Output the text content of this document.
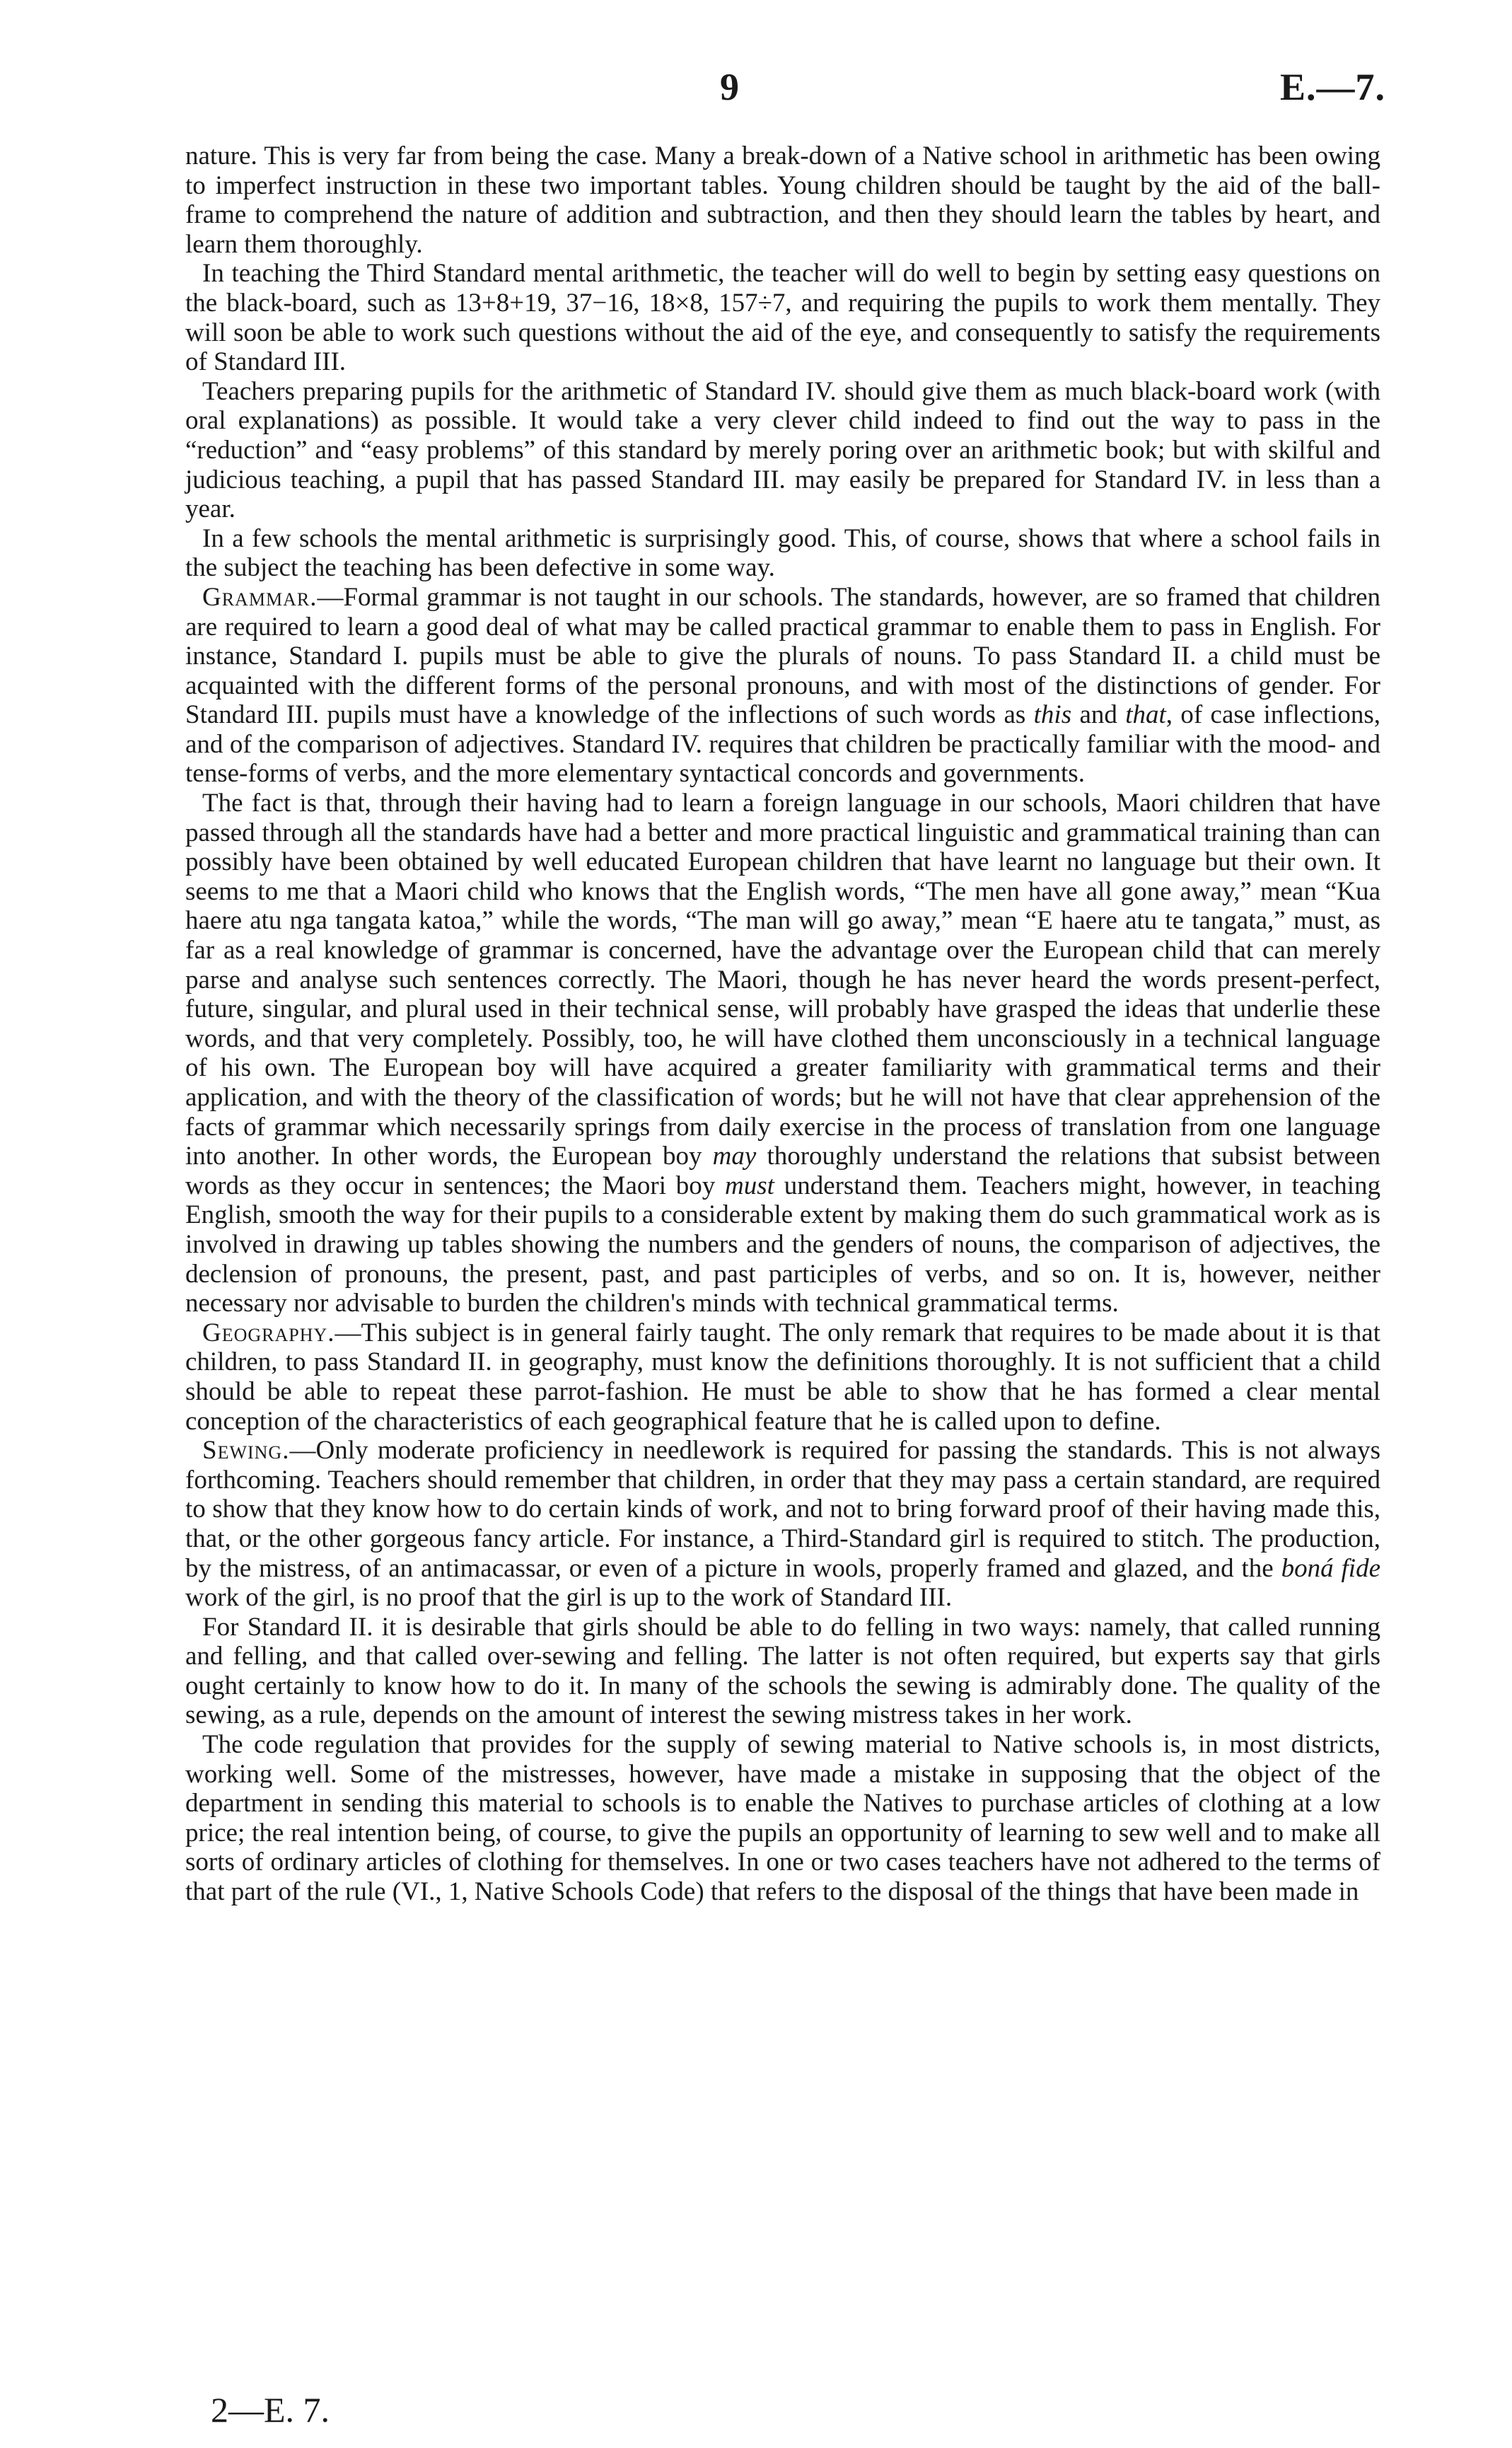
9	E.—7.

nature. This is very far from being the case. Many a break-down of a Native school in arithmetic has been owing to imperfect instruction in these two important tables. Young children should be taught by the aid of the ball-frame to comprehend the nature of addition and subtraction, and then they should learn the tables by heart, and learn them thoroughly.

In teaching the Third Standard mental arithmetic, the teacher will do well to begin by setting easy questions on the black-board, such as 13+8+19, 37−16, 18×8, 157÷7, and requiring the pupils to work them mentally. They will soon be able to work such questions without the aid of the eye, and consequently to satisfy the requirements of Standard III.

Teachers preparing pupils for the arithmetic of Standard IV. should give them as much black-board work (with oral explanations) as possible. It would take a very clever child indeed to find out the way to pass in the “reduction” and “easy problems” of this standard by merely poring over an arithmetic book; but with skilful and judicious teaching, a pupil that has passed Standard III. may easily be prepared for Standard IV. in less than a year.

In a few schools the mental arithmetic is surprisingly good. This, of course, shows that where a school fails in the subject the teaching has been defective in some way.

Grammar.—Formal grammar is not taught in our schools. The standards, however, are so framed that children are required to learn a good deal of what may be called practical grammar to enable them to pass in English. For instance, Standard I. pupils must be able to give the plurals of nouns. To pass Standard II. a child must be acquainted with the different forms of the personal pronouns, and with most of the distinctions of gender. For Standard III. pupils must have a knowledge of the inflections of such words as this and that, of case inflections, and of the comparison of adjectives. Standard IV. requires that children be practically familiar with the mood- and tense-forms of verbs, and the more elementary syntactical concords and governments.

The fact is that, through their having had to learn a foreign language in our schools, Maori children that have passed through all the standards have had a better and more practical linguistic and grammatical training than can possibly have been obtained by well educated European children that have learnt no language but their own. It seems to me that a Maori child who knows that the English words, “The men have all gone away,” mean “Kua haere atu nga tangata katoa,” while the words, “The man will go away,” mean “E haere atu te tangata,” must, as far as a real knowledge of grammar is concerned, have the advantage over the European child that can merely parse and analyse such sentences correctly. The Maori, though he has never heard the words present-perfect, future, singular, and plural used in their technical sense, will probably have grasped the ideas that underlie these words, and that very completely. Possibly, too, he will have clothed them unconsciously in a technical language of his own. The European boy will have acquired a greater familiarity with grammatical terms and their application, and with the theory of the classification of words; but he will not have that clear apprehension of the facts of grammar which necessarily springs from daily exercise in the process of translation from one language into another. In other words, the European boy may thoroughly understand the relations that subsist between words as they occur in sentences; the Maori boy must understand them. Teachers might, however, in teaching English, smooth the way for their pupils to a considerable extent by making them do such grammatical work as is involved in drawing up tables showing the numbers and the genders of nouns, the comparison of adjectives, the declension of pronouns, the present, past, and past participles of verbs, and so on. It is, however, neither necessary nor advisable to burden the children's minds with technical grammatical terms.

Geography.—This subject is in general fairly taught. The only remark that requires to be made about it is that children, to pass Standard II. in geography, must know the definitions thoroughly. It is not sufficient that a child should be able to repeat these parrot-fashion. He must be able to show that he has formed a clear mental conception of the characteristics of each geographical feature that he is called upon to define.

Sewing.—Only moderate proficiency in needlework is required for passing the standards. This is not always forthcoming. Teachers should remember that children, in order that they may pass a certain standard, are required to show that they know how to do certain kinds of work, and not to bring forward proof of their having made this, that, or the other gorgeous fancy article. For instance, a Third-Standard girl is required to stitch. The production, by the mistress, of an antimacassar, or even of a picture in wools, properly framed and glazed, and the boná fide work of the girl, is no proof that the girl is up to the work of Standard III.

For Standard II. it is desirable that girls should be able to do felling in two ways: namely, that called running and felling, and that called over-sewing and felling. The latter is not often required, but experts say that girls ought certainly to know how to do it. In many of the schools the sewing is admirably done. The quality of the sewing, as a rule, depends on the amount of interest the sewing mistress takes in her work.

The code regulation that provides for the supply of sewing material to Native schools is, in most districts, working well. Some of the mistresses, however, have made a mistake in supposing that the object of the department in sending this material to schools is to enable the Natives to purchase articles of clothing at a low price; the real intention being, of course, to give the pupils an opportunity of learning to sew well and to make all sorts of ordinary articles of clothing for themselves. In one or two cases teachers have not adhered to the terms of that part of the rule (VI., 1, Native Schools Code) that refers to the disposal of the things that have been made in

2—E. 7.
